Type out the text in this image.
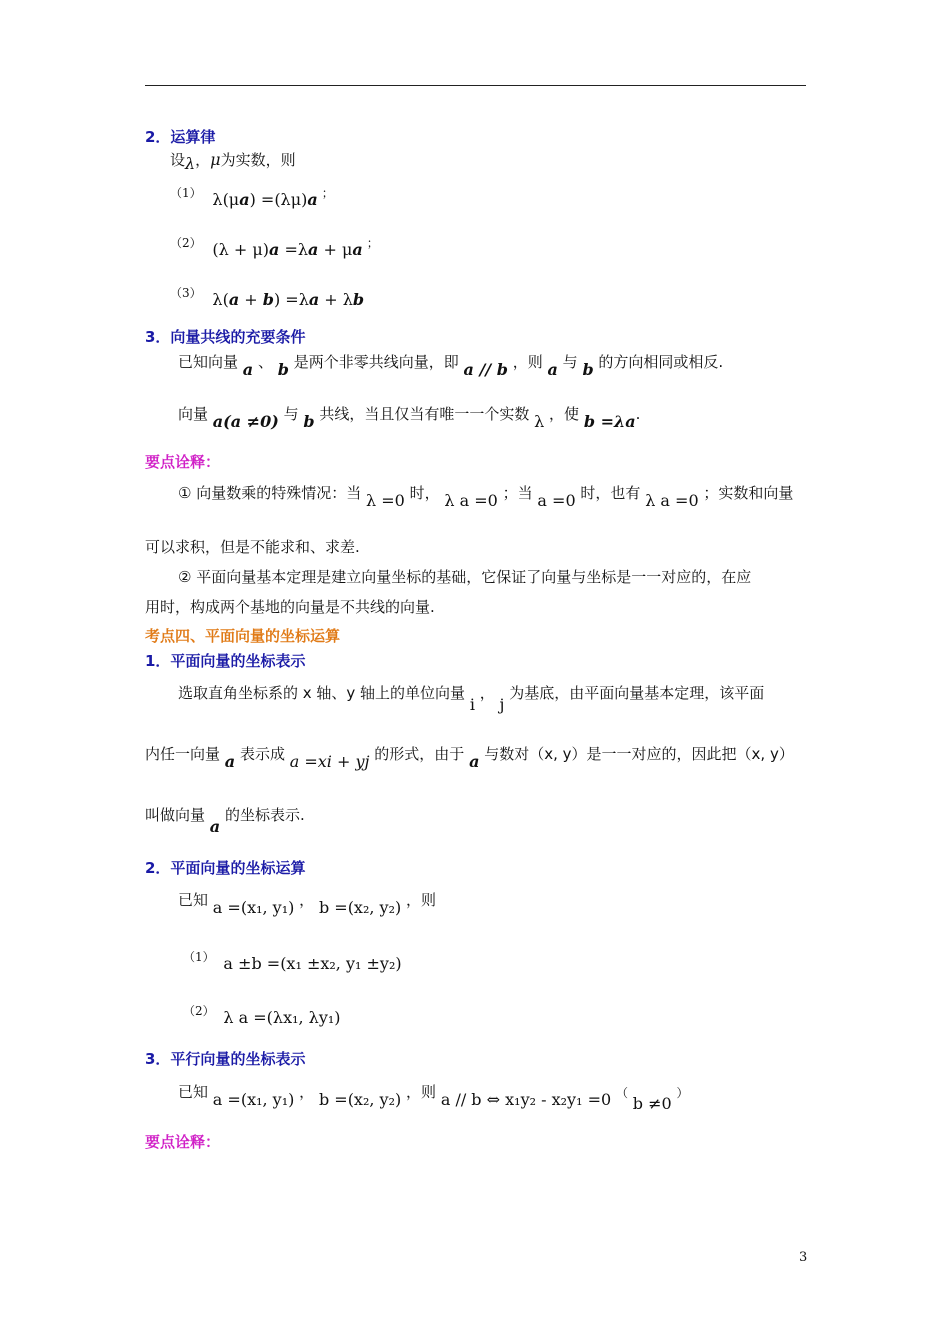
2．运算律
设λ，μ为实数，则
（1） λ(μa) =(λμ)a ；
（2） (λ + μ)a =λa + μa ；
（3） λ(a + b) =λa + λb
3．向量共线的充要条件
已知向量 a 、 b 是两个非零共线向量，即 a // b ，则 a 与 b 的方向相同或相反.
向量 a(a ≠0) 与 b 共线，当且仅当有唯一一个实数 λ ，使 b =λa.
要点诠释：
① 向量数乘的特殊情况：当 λ =0 时， λ a =0 ；当 a =0 时，也有 λ a =0 ；实数和向量
可以求积，但是不能求和、求差.
② 平面向量基本定理是建立向量坐标的基础，它保证了向量与坐标是一一对应的，在应
用时，构成两个基地的向量是不共线的向量.
考点四、平面向量的坐标运算
1．平面向量的坐标表示
选取直角坐标系的 x 轴、y 轴上的单位向量 i ， j 为基底，由平面向量基本定理，该平面
内任一向量 a 表示成 a =xi + yj 的形式，由于 a 与数对（x, y）是一一对应的，因此把（x, y）
叫做向量 a 的坐标表示.
2．平面向量的坐标运算
已知 a =(x₁, y₁) ， b =(x₂, y₂) ，则
（1） a ±b =(x₁ ±x₂, y₁ ±y₂)
（2） λ a =(λx₁, λy₁)
3．平行向量的坐标表示
已知 a =(x₁, y₁) ， b =(x₂, y₂) ，则 a // b ⇔ x₁y₂ - x₂y₁ =0 （ b ≠0 ）
要点诠释：
3
